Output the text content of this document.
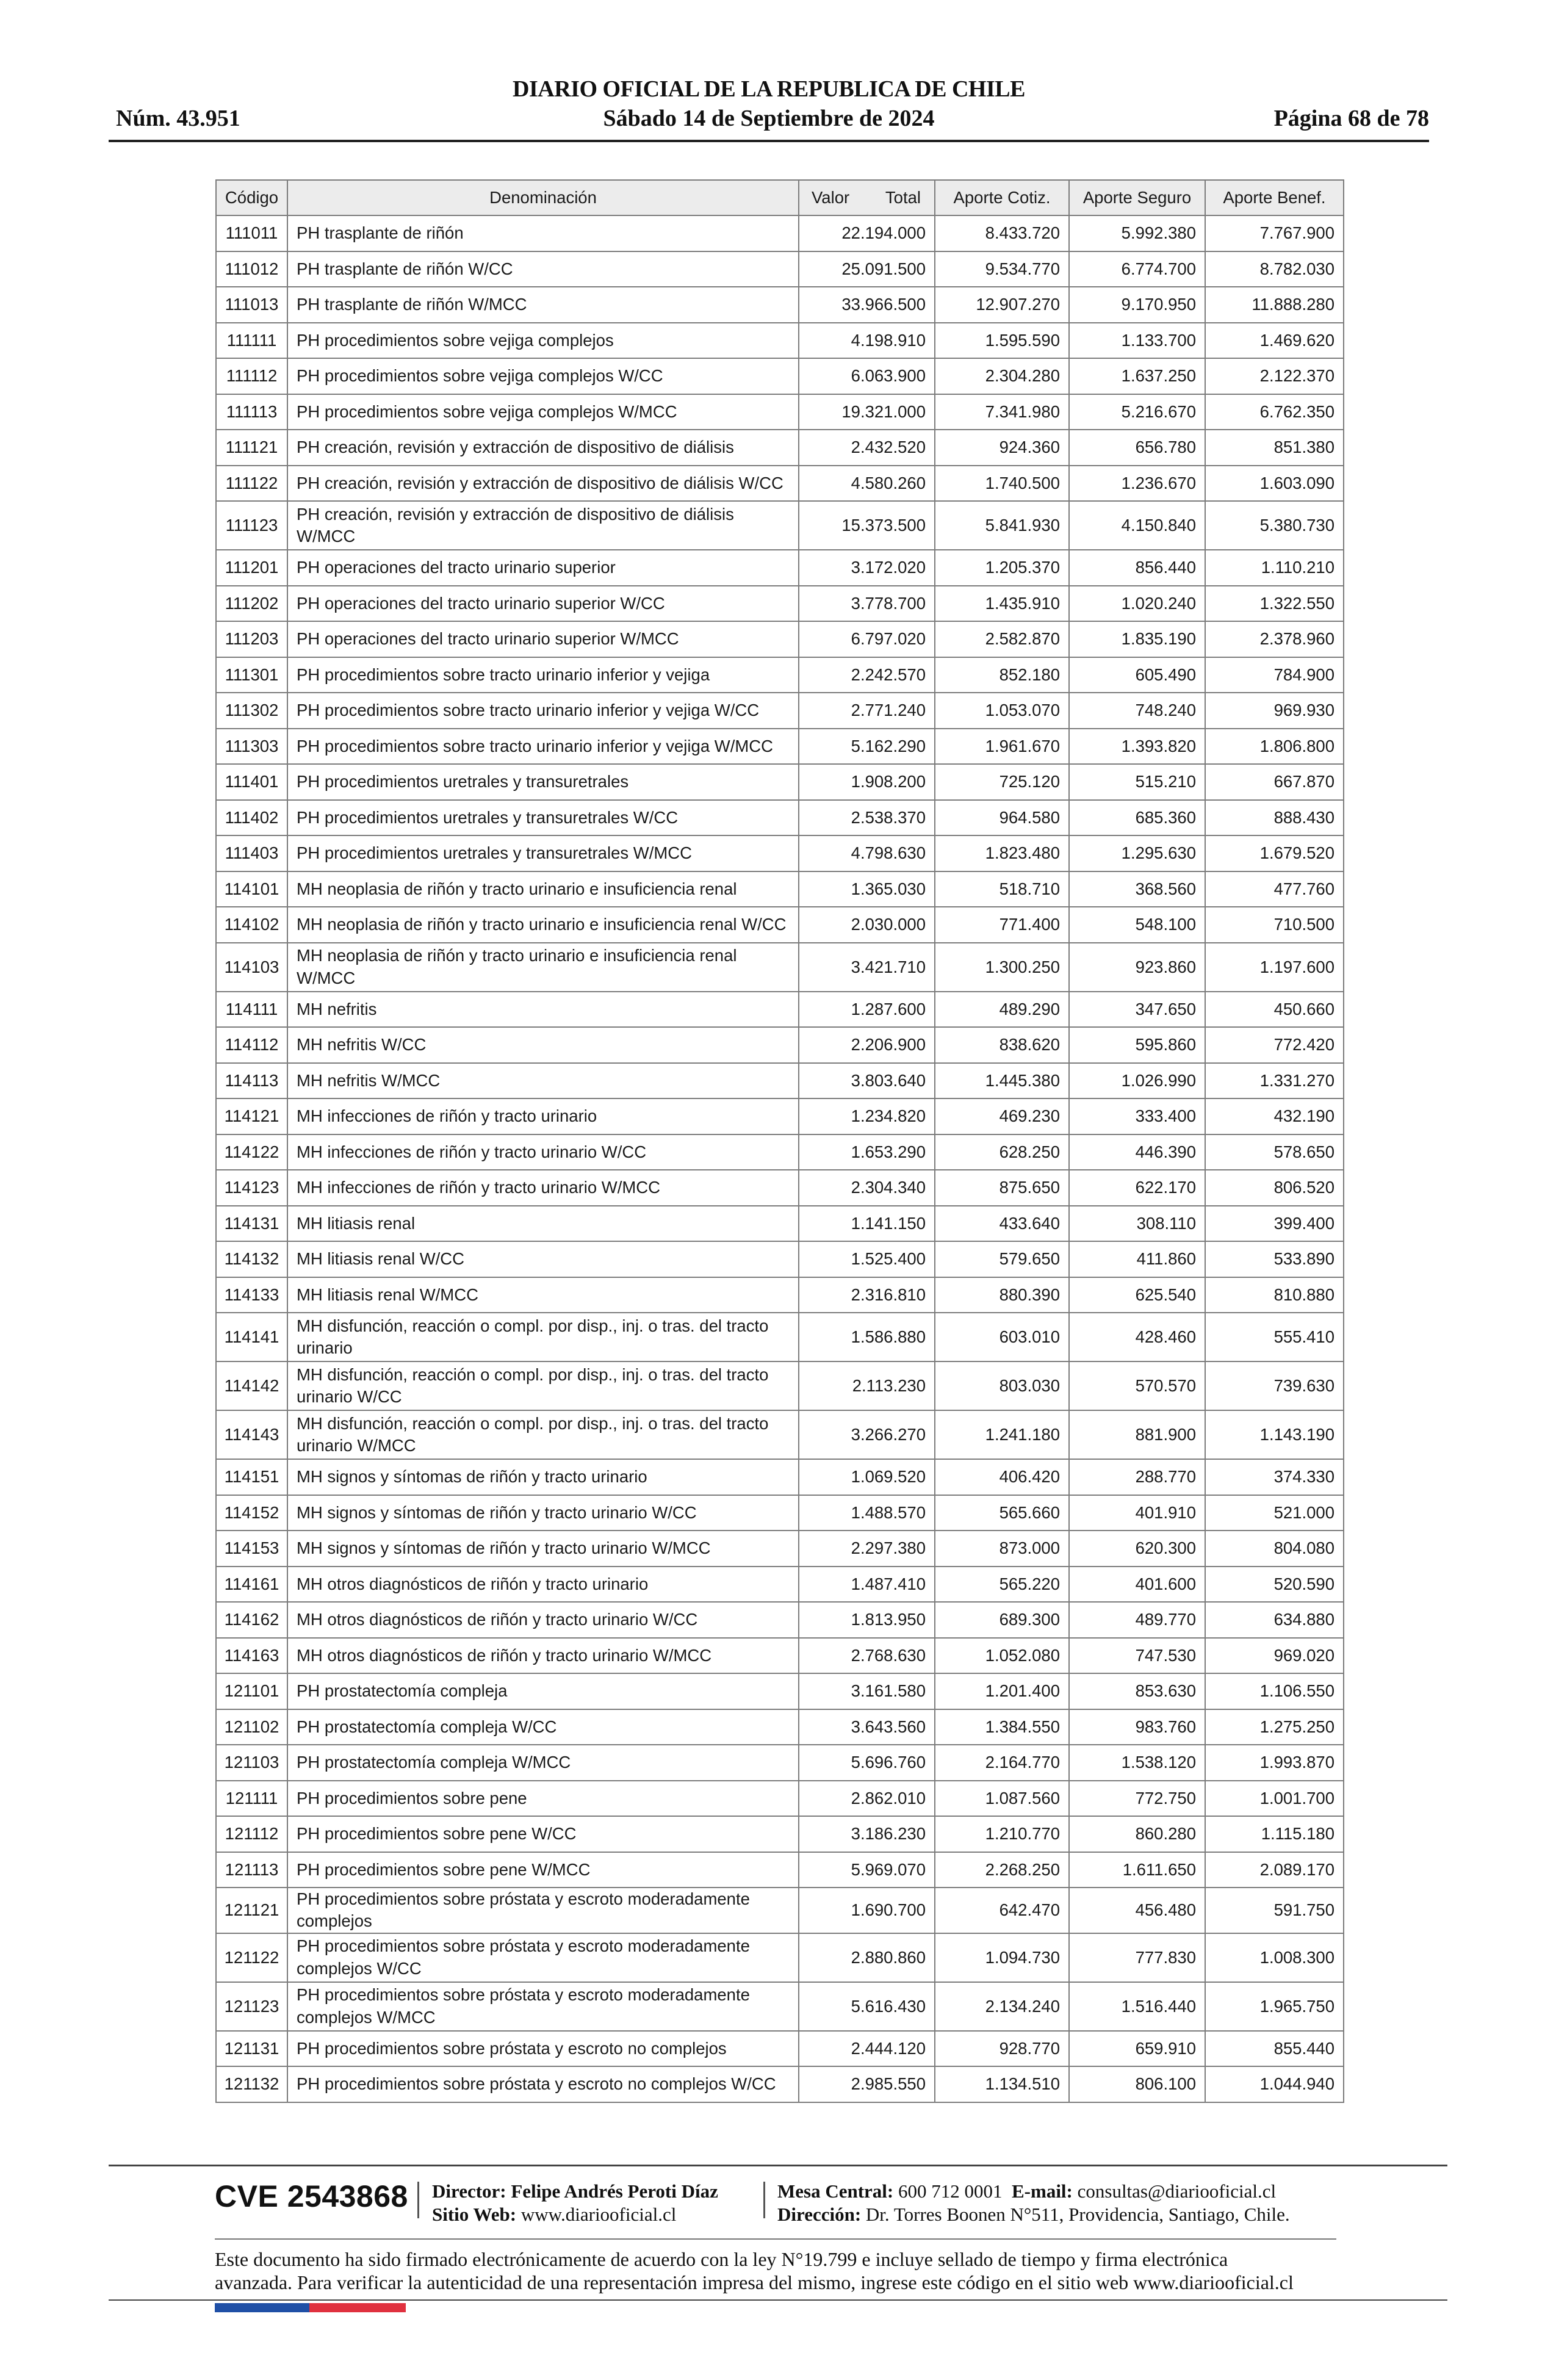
DIARIO OFICIAL DE LA REPUBLICA DE CHILE
Núm. 43.951	Sábado 14 de Septiembre de 2024	Página 68 de 78
Código	Denominación	Valor Total	Aporte Cotiz.	Aporte Seguro	Aporte Benef.
111011	PH trasplante de riñón	22.194.000	8.433.720	5.992.380	7.767.900
111012	PH trasplante de riñón W/CC	25.091.500	9.534.770	6.774.700	8.782.030
111013	PH trasplante de riñón W/MCC	33.966.500	12.907.270	9.170.950	11.888.280
111111	PH procedimientos sobre vejiga complejos	4.198.910	1.595.590	1.133.700	1.469.620
111112	PH procedimientos sobre vejiga complejos W/CC	6.063.900	2.304.280	1.637.250	2.122.370
111113	PH procedimientos sobre vejiga complejos W/MCC	19.321.000	7.341.980	5.216.670	6.762.350
111121	PH creación, revisión y extracción de dispositivo de diálisis	2.432.520	924.360	656.780	851.380
111122	PH creación, revisión y extracción de dispositivo de diálisis W/CC	4.580.260	1.740.500	1.236.670	1.603.090
111123	PH creación, revisión y extracción de dispositivo de diálisis W/MCC	15.373.500	5.841.930	4.150.840	5.380.730
111201	PH operaciones del tracto urinario superior	3.172.020	1.205.370	856.440	1.110.210
111202	PH operaciones del tracto urinario superior W/CC	3.778.700	1.435.910	1.020.240	1.322.550
111203	PH operaciones del tracto urinario superior W/MCC	6.797.020	2.582.870	1.835.190	2.378.960
111301	PH procedimientos sobre tracto urinario inferior y vejiga	2.242.570	852.180	605.490	784.900
111302	PH procedimientos sobre tracto urinario inferior y vejiga W/CC	2.771.240	1.053.070	748.240	969.930
111303	PH procedimientos sobre tracto urinario inferior y vejiga W/MCC	5.162.290	1.961.670	1.393.820	1.806.800
111401	PH procedimientos uretrales y transuretrales	1.908.200	725.120	515.210	667.870
111402	PH procedimientos uretrales y transuretrales W/CC	2.538.370	964.580	685.360	888.430
111403	PH procedimientos uretrales y transuretrales W/MCC	4.798.630	1.823.480	1.295.630	1.679.520
114101	MH neoplasia de riñón y tracto urinario e insuficiencia renal	1.365.030	518.710	368.560	477.760
114102	MH neoplasia de riñón y tracto urinario e insuficiencia renal W/CC	2.030.000	771.400	548.100	710.500
114103	MH neoplasia de riñón y tracto urinario e insuficiencia renal W/MCC	3.421.710	1.300.250	923.860	1.197.600
114111	MH nefritis	1.287.600	489.290	347.650	450.660
114112	MH nefritis W/CC	2.206.900	838.620	595.860	772.420
114113	MH nefritis W/MCC	3.803.640	1.445.380	1.026.990	1.331.270
114121	MH infecciones de riñón y tracto urinario	1.234.820	469.230	333.400	432.190
114122	MH infecciones de riñón y tracto urinario W/CC	1.653.290	628.250	446.390	578.650
114123	MH infecciones de riñón y tracto urinario W/MCC	2.304.340	875.650	622.170	806.520
114131	MH litiasis renal	1.141.150	433.640	308.110	399.400
114132	MH litiasis renal W/CC	1.525.400	579.650	411.860	533.890
114133	MH litiasis renal W/MCC	2.316.810	880.390	625.540	810.880
114141	MH disfunción, reacción o compl. por disp., inj. o tras. del tracto urinario	1.586.880	603.010	428.460	555.410
114142	MH disfunción, reacción o compl. por disp., inj. o tras. del tracto urinario W/CC	2.113.230	803.030	570.570	739.630
114143	MH disfunción, reacción o compl. por disp., inj. o tras. del tracto urinario W/MCC	3.266.270	1.241.180	881.900	1.143.190
114151	MH signos y síntomas de riñón y tracto urinario	1.069.520	406.420	288.770	374.330
114152	MH signos y síntomas de riñón y tracto urinario W/CC	1.488.570	565.660	401.910	521.000
114153	MH signos y síntomas de riñón y tracto urinario W/MCC	2.297.380	873.000	620.300	804.080
114161	MH otros diagnósticos de riñón y tracto urinario	1.487.410	565.220	401.600	520.590
114162	MH otros diagnósticos de riñón y tracto urinario W/CC	1.813.950	689.300	489.770	634.880
114163	MH otros diagnósticos de riñón y tracto urinario W/MCC	2.768.630	1.052.080	747.530	969.020
121101	PH prostatectomía compleja	3.161.580	1.201.400	853.630	1.106.550
121102	PH prostatectomía compleja W/CC	3.643.560	1.384.550	983.760	1.275.250
121103	PH prostatectomía compleja W/MCC	5.696.760	2.164.770	1.538.120	1.993.870
121111	PH procedimientos sobre pene	2.862.010	1.087.560	772.750	1.001.700
121112	PH procedimientos sobre pene W/CC	3.186.230	1.210.770	860.280	1.115.180
121113	PH procedimientos sobre pene W/MCC	5.969.070	2.268.250	1.611.650	2.089.170
121121	PH procedimientos sobre próstata y escroto moderadamente complejos	1.690.700	642.470	456.480	591.750
121122	PH procedimientos sobre próstata y escroto moderadamente complejos W/CC	2.880.860	1.094.730	777.830	1.008.300
121123	PH procedimientos sobre próstata y escroto moderadamente complejos W/MCC	5.616.430	2.134.240	1.516.440	1.965.750
121131	PH procedimientos sobre próstata y escroto no complejos	2.444.120	928.770	659.910	855.440
121132	PH procedimientos sobre próstata y escroto no complejos W/CC	2.985.550	1.134.510	806.100	1.044.940
CVE 2543868 Director: Felipe Andrés Peroti Díaz
Sitio Web: www.diariooficial.cl
Mesa Central: 600 712 0001 E-mail: consultas@diariooficial.cl
Dirección: Dr. Torres Boonen N°511, Providencia, Santiago, Chile.
Este documento ha sido firmado electrónicamente de acuerdo con la ley N°19.799 e incluye sellado de tiempo y firma electrónica
avanzada. Para verificar la autenticidad de una representación impresa del mismo, ingrese este código en el sitio web www.diariooficial.cl
